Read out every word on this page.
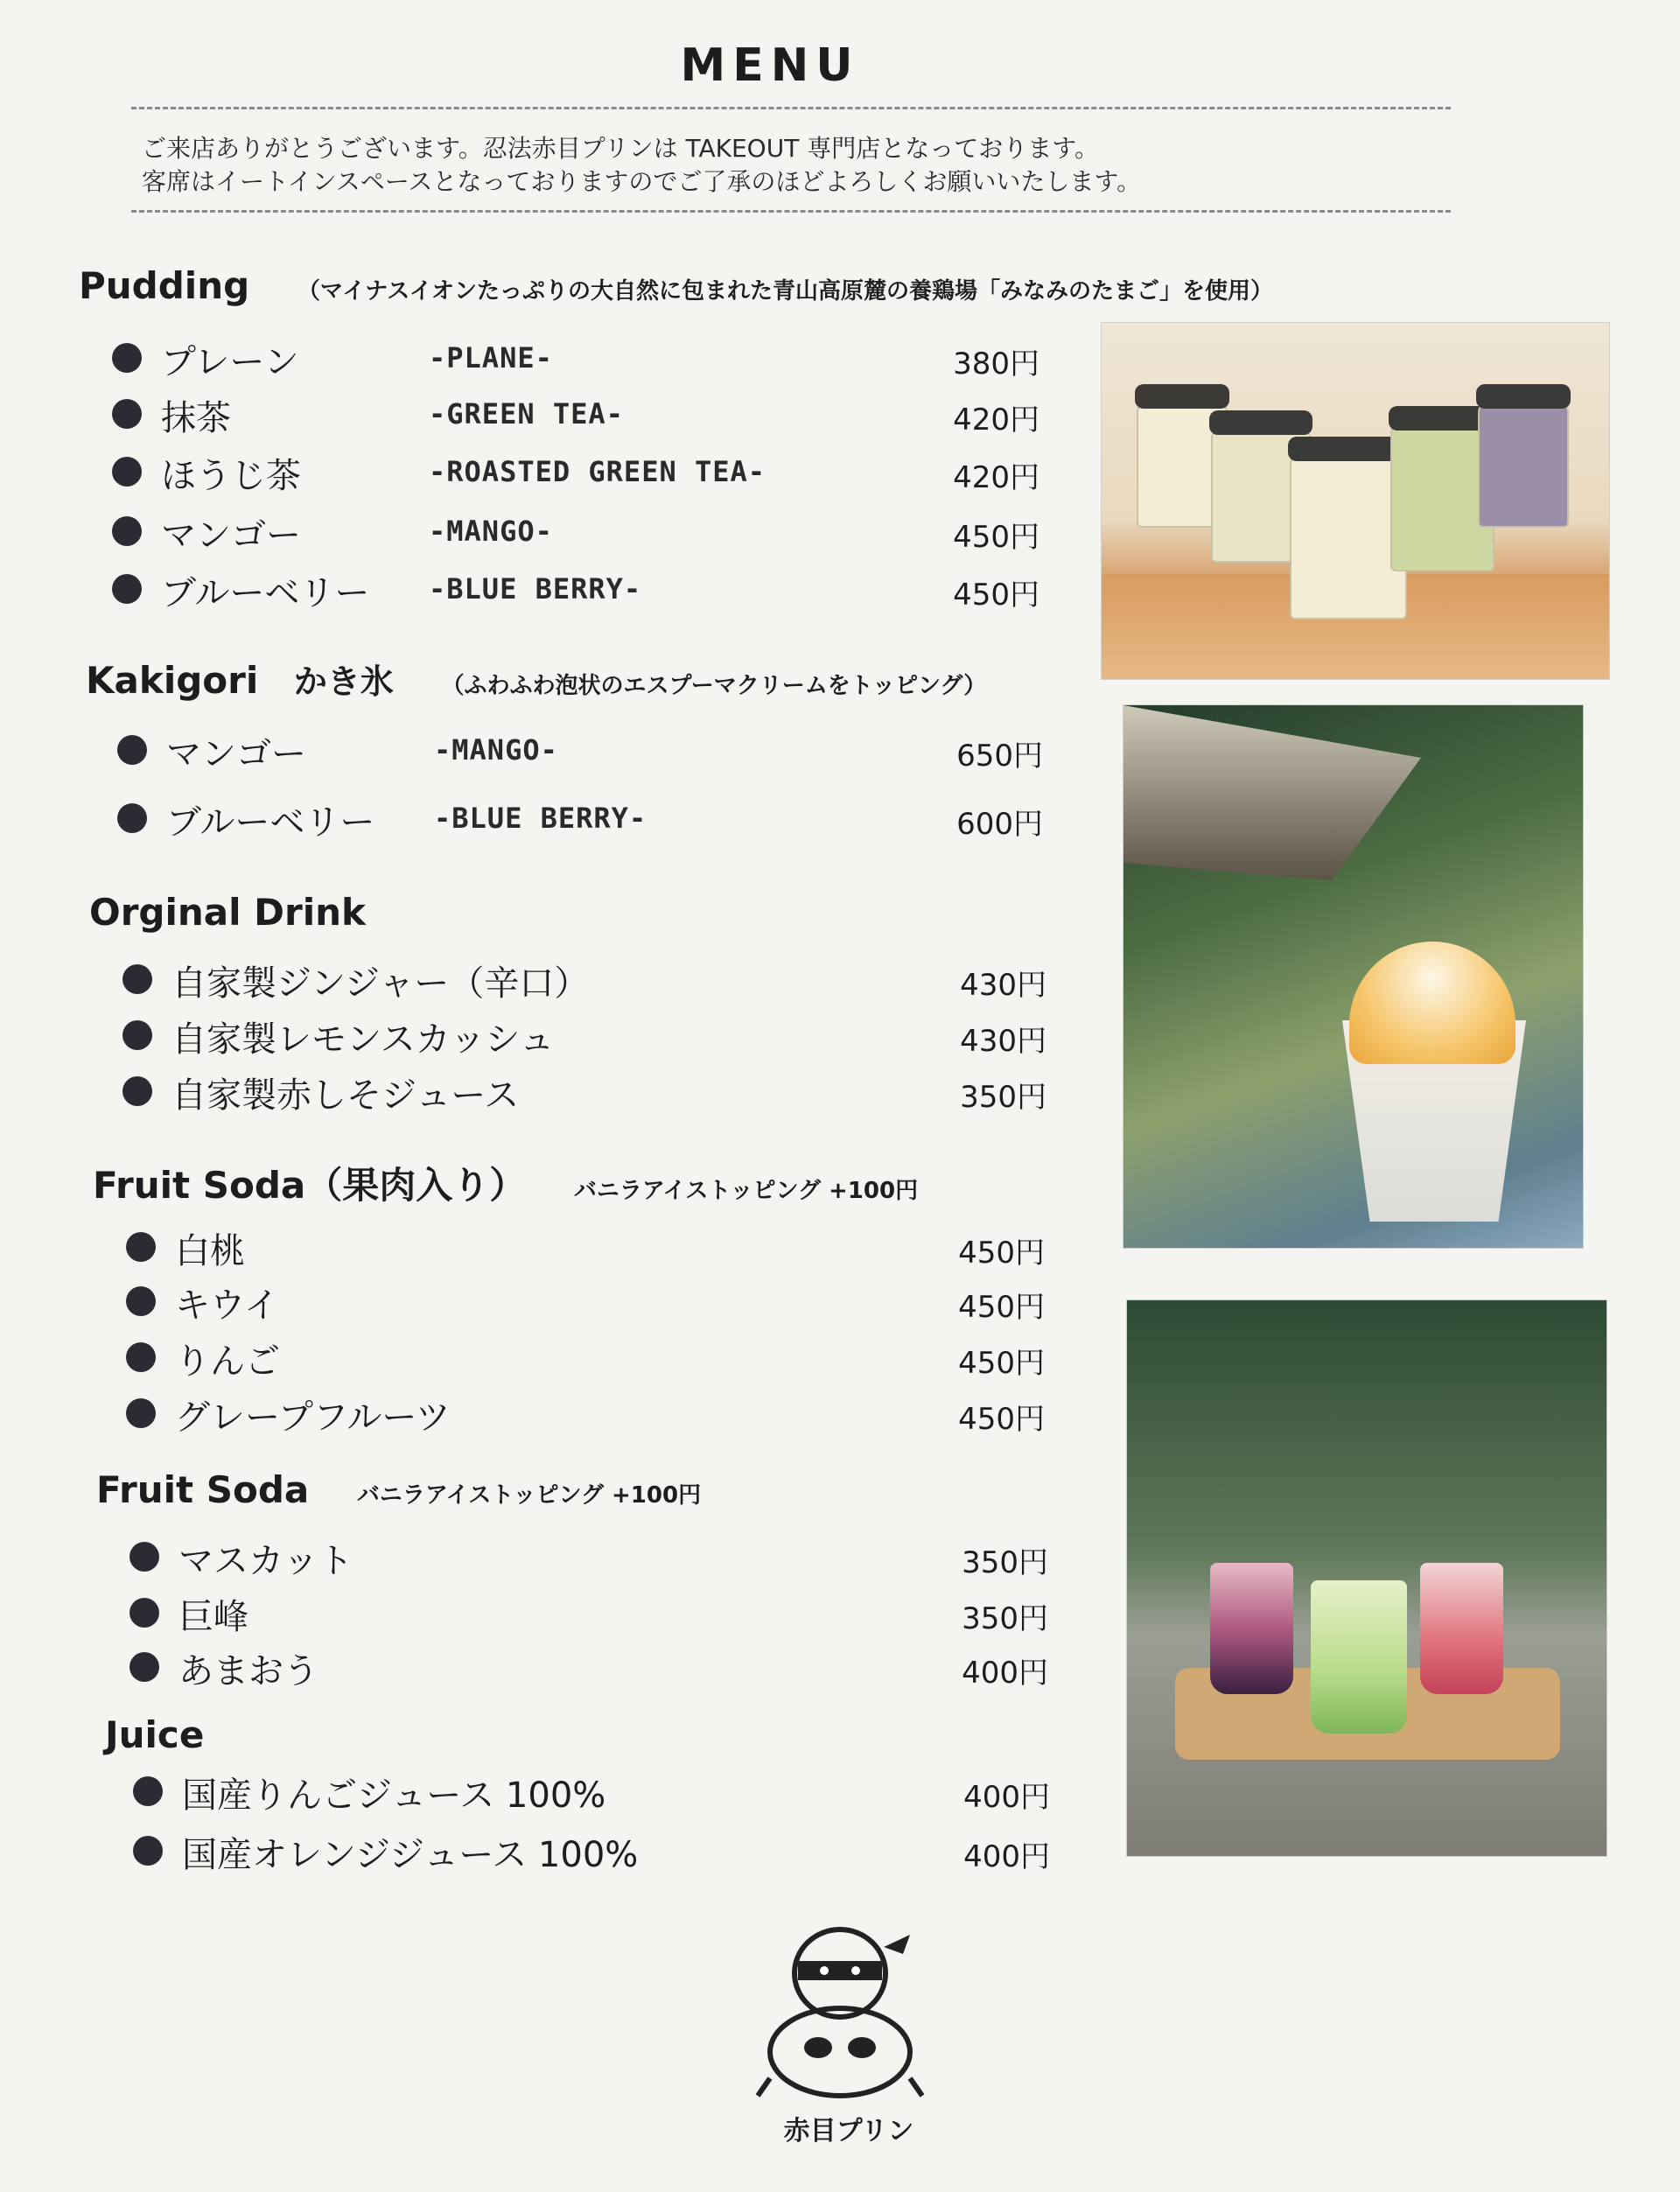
MENU
ご来店ありがとうございます。忍法赤目プリンは TAKEOUT 専門店となっております。
客席はイートインスペースとなっておりますのでご了承のほどよろしくお願いいたします。
Pudding （マイナスイオンたっぷりの大自然に包まれた青山高原麓の養鶏場「みなみのたまご」を使用）
プレーン	-PLANE-	380円
抹茶	-GREEN TEA-	420円
ほうじ茶	-ROASTED GREEN TEA-	420円
マンゴー	-MANGO-	450円
ブルーベリー -BLUE BERRY-	450円
Kakigori かき氷 （ふわふわ泡状のエスプーマクリームをトッピング）
マンゴー	-MANGO-	650円
ブルーベリー -BLUE BERRY-	600円
Orginal Drink
自家製ジンジャー（辛口）	430円
自家製レモンスカッシュ	430円
自家製赤しそジュース	350円
Fruit Soda（果肉入り） バニラアイストッピング +100円
白桃	450円
キウイ	450円
りんご	450円
グレープフルーツ	450円
Fruit Soda バニラアイストッピング +100円
マスカット	350円
巨峰	350円
あまおう	400円
Juice
国産りんごジュース 100%	400円
国産オレンジジュース 100%	400円
赤目プリン
